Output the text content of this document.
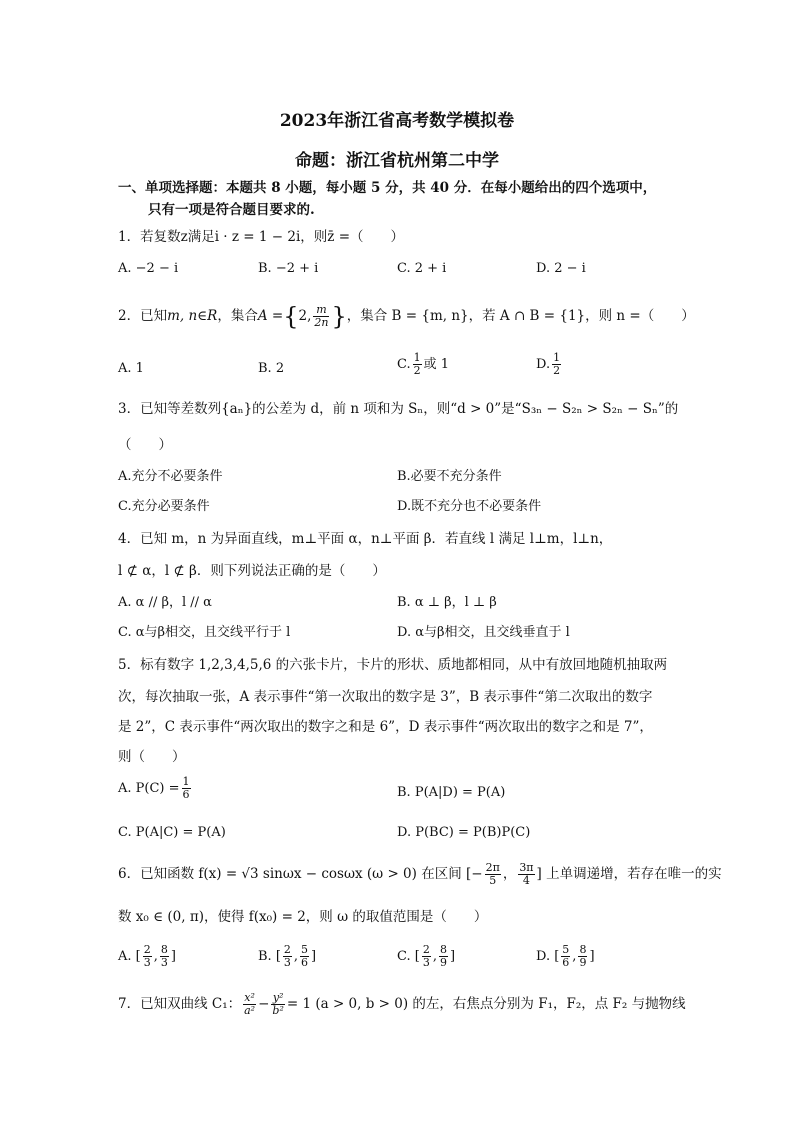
2023年浙江省高考数学模拟卷
命题：浙江省杭州第二中学
一、单项选择题：本题共 8 小题，每小题 5 分，共 40 分．在每小题给出的四个选项中，
只有一项是符合题目要求的.
1．若复数z满足i · z = 1 − 2i，则z̄ =（　　）
A. −2 − i	B. −2 + i	C. 2 + i	D. 2 − i
2．已知m, n∈R，集合A ={2, $\frac{m}{2n}$ }，集合 B = {m, n}，若 A ∩ B = {1}，则 n =（　　）
A. 1	B. 2	C. $\frac{1}{2}$ 或 1	D. $\frac{1}{2}$
3．已知等差数列{aₙ}的公差为 d，前 n 项和为 Sₙ，则“d > 0”是“S₃ₙ − S₂ₙ > S₂ₙ − Sₙ”的
（　　）
A.充分不必要条件	B.必要不充分条件
C.充分必要条件	D.既不充分也不必要条件
4．已知 m，n 为异面直线，m⊥平面 α，n⊥平面 β．若直线 l 满足 l⊥m，l⊥n，
l ⊄ α，l ⊄ β．则下列说法正确的是（　　）
A. α // β，l // α	B. α ⊥ β，l ⊥ β
C. α与β相交，且交线平行于 l	D. α与β相交，且交线垂直于 l
5．标有数字 1,2,3,4,5,6 的六张卡片，卡片的形状、质地都相同，从中有放回地随机抽取两
次，每次抽取一张，A 表示事件“第一次取出的数字是 3”，B 表示事件“第二次取出的数字
是 2”，C 表示事件“两次取出的数字之和是 6”，D 表示事件“两次取出的数字之和是 7”，
则（　　）
A. $P(C) = \frac{1}{6}$	B. P(A|D) = P(A)
C. P(A|C) = P(A)	D. P(BC) = P(B)P(C)
6．已知函数 f(x) = √3 sinωx − cosωx (ω > 0) 在区间 [− $\frac{2\pi}{5}$ ， $\frac{3\pi}{4}$ ] 上单调递增，若存在唯一的实
数 x₀ ∈ (0, π)，使得 f(x₀) = 2，则 ω 的取值范围是（　　）
A. [ $\frac{2}{3}$ , $\frac{8}{3}$ ]	B. [ $\frac{2}{3}$ , $\frac{5}{6}$ ]	C. [ $\frac{2}{3}$ , $\frac{8}{9}$ ]	D. [ $\frac{5}{6}$ , $\frac{8}{9}$ ]
7．已知双曲线 C₁： $\frac{\text{x²}}{\text{a²}} - \frac{\text{y²}}{\text{b²}} = 1$ (a > 0, b > 0) 的左，右焦点分别为 F₁，F₂，点 F₂ 与抛物线
